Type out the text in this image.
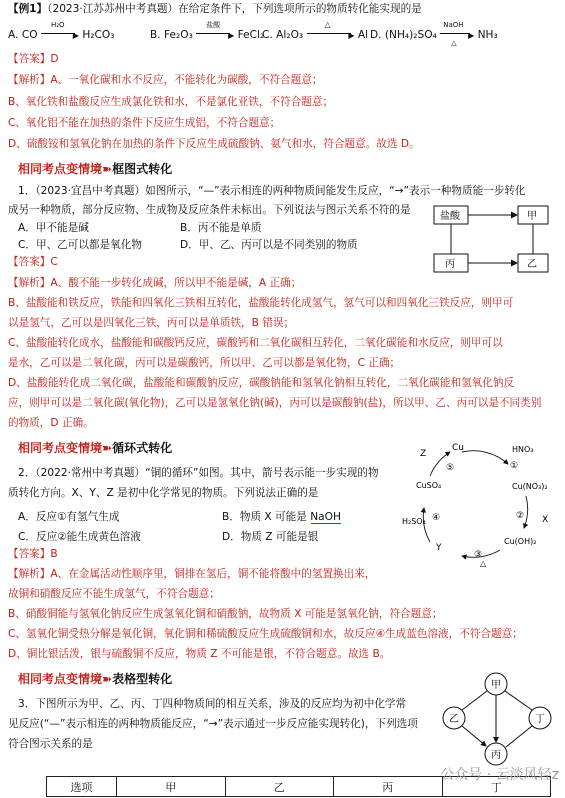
【例1】（2023·江苏苏州中考真题）在给定条件下，下列选项所示的物质转化能实现的是
A. CO
H₂O
▶ H₂CO₃	B. Fe₂O₃
盐酸
▶ FeCl₂
C. Al₂O₃
△
▶ Al D. (NH₄)₂SO₄
NaOH
▶
△
NH₃
【答案】D
【解析】A、一氧化碳和水不反应，不能转化为碳酸，不符合题意；
B、氧化铁和盐酸反应生成氯化铁和水，不是氯化亚铁，不符合题意；
C、氧化铝不能在加热的条件下反应生成铝，不符合题意；
D、硫酸铵和氢氧化钠在加热的条件下反应生成硫酸钠、氨气和水，符合题意。故选 D。
相同考点变情境➽框图式转化
1．（2023·宜昌中考真题）如图所示，“—”表示相连的两种物质间能发生反应，“→”表示一种物质能一步转化
成另一种物质，部分反应物、生成物及反应条件未标出。下列说法与图示关系不符的是
A．甲不能是碱	B．丙不能是单质
C．甲、乙可以都是氧化物	D．甲、乙、丙可以是不同类别的物质
盐酸	甲
丙	乙
【答案】C
【解析】A、酸不能一步转化成碱，所以甲不能是碱，A 正确；
B、盐酸能和铁反应，铁能和四氧化三铁相互转化，盐酸能转化成氢气，氢气可以和四氧化三铁反应，则甲可
以是氢气，乙可以是四氧化三铁，丙可以是单质铁，B 错误；
C、盐酸能转化成水，盐酸能和碳酸钙反应，碳酸钙和二氧化碳相互转化，二氧化碳能和水反应，则甲可以
是水，乙可以是二氧化碳，丙可以是碳酸钙，所以甲、乙可以都是氧化物，C 正确；
D、盐酸能转化成二氧化碳，盐酸能和碳酸钠反应，碳酸钠能和氢氧化钠相互转化，二氧化碳能和氢氧化钠反
应，则甲可以是二氧化碳(氧化物)，乙可以是氢氧化钠(碱)，丙可以是碳酸钠(盐)，所以甲、乙、丙可以是不同类别
的物质，D 正确。
相同考点变情境➽循环式转化
2．（2022·常州中考真题）“铜的循环”如图。其中，箭号表示能一步实现的物
质转化方向。X、Y、Z 是初中化学常见的物质。下列说法正确的是
A．反应①有氢气生成	B．物质 X 可能是 NaOH
C．反应②能生成黄色溶液	D．物质 Z 可能是银
Cu	HNO₃
Cu(NO₃)₂
X
Cu(OH)₂
△
Y
H₂SO₄
CuSO₄
Z
①
②
③
④
⑤
【答案】B
【解析】A、在金属活动性顺序里，铜排在氢后，铜不能将酸中的氢置换出来，
故铜和硝酸反应不能生成氢气，不符合题意；
B、硝酸铜能与氢氧化钠反应生成氢氧化铜和硝酸钠，故物质 X 可能是氢氧化钠，符合题意；
C、氢氧化铜受热分解是氧化铜，氧化铜和稀硫酸反应生成硫酸铜和水，故反应④生成蓝色溶液，不符合题意；
D、铜比银活泼，银与硫酸铜不反应，物质 Z 不可能是银，不符合题意。故选 B。
相同考点变情境➽表格型转化
3．下图所示为甲、乙、丙、丁四种物质间的相互关系，涉及的反应均为初中化学常
见反应(“—”表示相连的两种物质能反应，“→”表示通过一步反应能实现转化)，下列选项
符合图示关系的是
甲
乙	丁
丙
选项	甲	乙	丙	丁
公众号 · 云淡风轻z
